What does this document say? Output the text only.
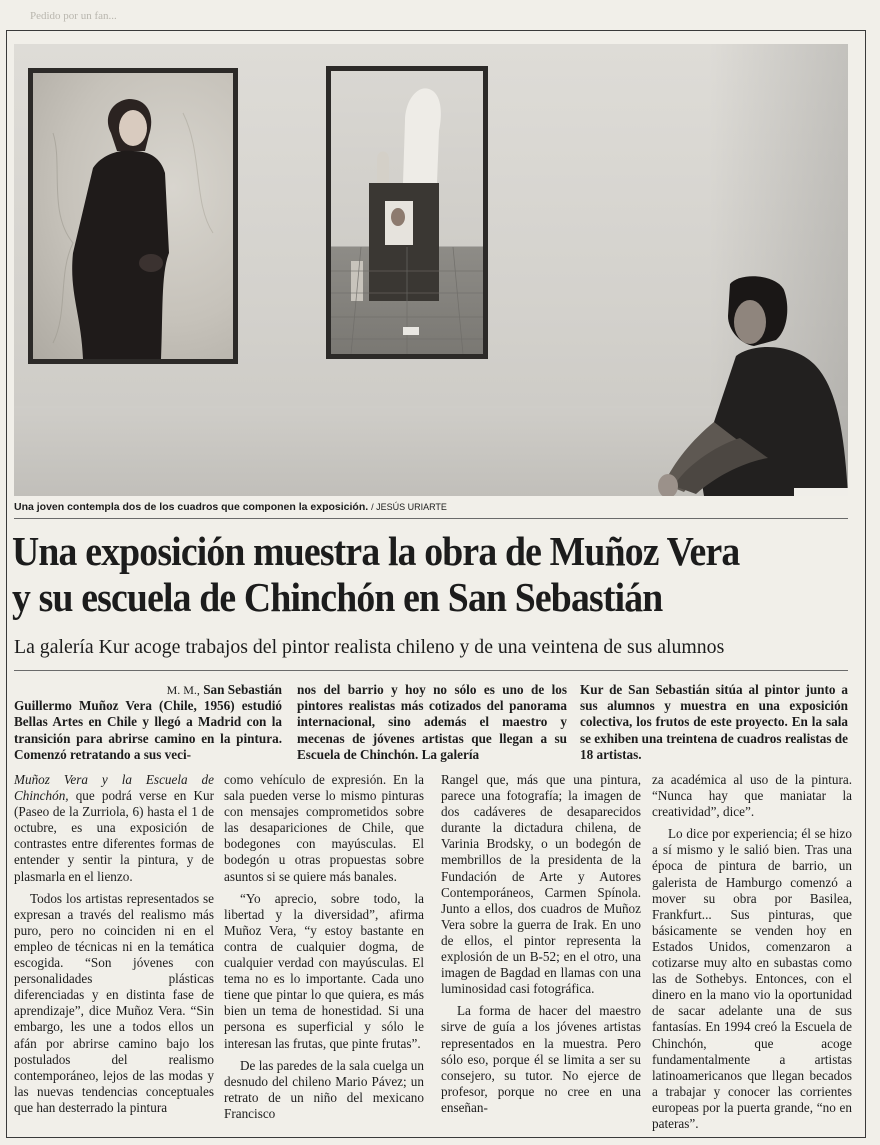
Pedido por un fan...
Una joven contempla dos de los cuadros que componen la exposición. / JESÚS URIARTE
Una exposición muestra la obra de Muñoz Vera
y su escuela de Chinchón en San Sebastián
La galería Kur acoge trabajos del pintor realista chileno y de una veintena de sus alumnos
M. M., San Sebastián
Guillermo Muñoz Vera (Chile, 1956) estudió Bellas Artes en Chile y llegó a Madrid con la transición para abrirse camino en la pintura. Comenzó retratando a sus veci-
nos del barrio y hoy no sólo es uno de los pintores realistas más cotizados del panorama internacional, sino además el maestro y mecenas de jóvenes artistas que llegan a su Escuela de Chinchón. La galería
Kur de San Sebastián sitúa al pintor junto a sus alumnos y muestra en una exposición colectiva, los frutos de este proyecto. En la sala se exhiben una treintena de cuadros realistas de 18 artistas.

Muñoz Vera y la Escuela de Chinchón, que podrá verse en Kur (Paseo de la Zurriola, 6) hasta el 1 de octubre, es una exposición de contrastes entre diferentes formas de entender y sentir la pintura, y de plasmarla en el lienzo.

Todos los artistas representados se expresan a través del realismo más puro, pero no coinciden ni en el empleo de técnicas ni en la temática escogida. “Son jóvenes con personalidades plásticas diferenciadas y en distinta fase de aprendizaje”, dice Muñoz Vera. “Sin embargo, les une a todos ellos un afán por abrirse camino bajo los postulados del realismo contemporáneo, lejos de las modas y las nuevas tendencias conceptuales que han desterrado la pintura

como vehículo de expresión. En la sala pueden verse lo mismo pinturas con mensajes comprometidos sobre las desapariciones de Chile, que bodegones con mayúsculas. El bodegón u otras propuestas sobre asuntos si se quiere más banales.

“Yo aprecio, sobre todo, la libertad y la diversidad”, afirma Muñoz Vera, “y estoy bastante en contra de cualquier dogma, de cualquier verdad con mayúsculas. El tema no es lo importante. Cada uno tiene que pintar lo que quiera, es más bien un tema de honestidad. Si una persona es superficial y sólo le interesan las frutas, que pinte frutas”.

De las paredes de la sala cuelga un desnudo del chileno Mario Pávez; un retrato de un niño del mexicano Francisco

Rangel que, más que una pintura, parece una fotografía; la imagen de dos cadáveres de desaparecidos durante la dictadura chilena, de Varinia Brodsky, o un bodegón de membrillos de la presidenta de la Fundación de Arte y Autores Contemporáneos, Carmen Spínola. Junto a ellos, dos cuadros de Muñoz Vera sobre la guerra de Irak. En uno de ellos, el pintor representa la explosión de un B-52; en el otro, una imagen de Bagdad en llamas con una luminosidad casi fotográfica.

La forma de hacer del maestro sirve de guía a los jóvenes artistas representados en la muestra. Pero sólo eso, porque él se limita a ser su consejero, su tutor. No ejerce de profesor, porque no cree en una enseñan-

za académica al uso de la pintura. “Nunca hay que maniatar la creatividad”, dice”.

Lo dice por experiencia; él se hizo a sí mismo y le salió bien. Tras una época de pintura de barrio, un galerista de Hamburgo comenzó a mover su obra por Basilea, Frankfurt... Sus pinturas, que básicamente se venden hoy en Estados Unidos, comenzaron a cotizarse muy alto en subastas como las de Sothebys. Entonces, con el dinero en la mano vio la oportunidad de sacar adelante una de sus fantasías. En 1994 creó la Escuela de Chinchón, que acoge fundamentalmente a artistas latinoamericanos que llegan becados a trabajar y conocer las corrientes europeas por la puerta grande, “no en pateras”.
